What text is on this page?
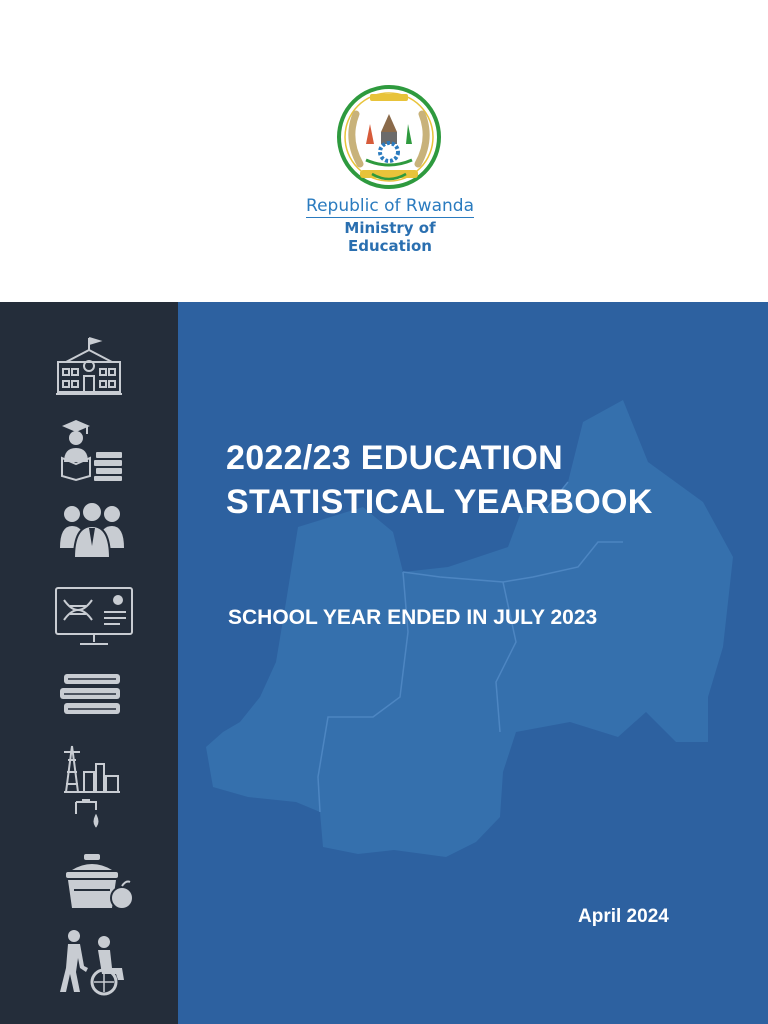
Republic of Rwanda
Ministry of Education
2022/23 EDUCATION
STATISTICAL YEARBOOK
SCHOOL YEAR ENDED IN JULY 2023
April 2024
